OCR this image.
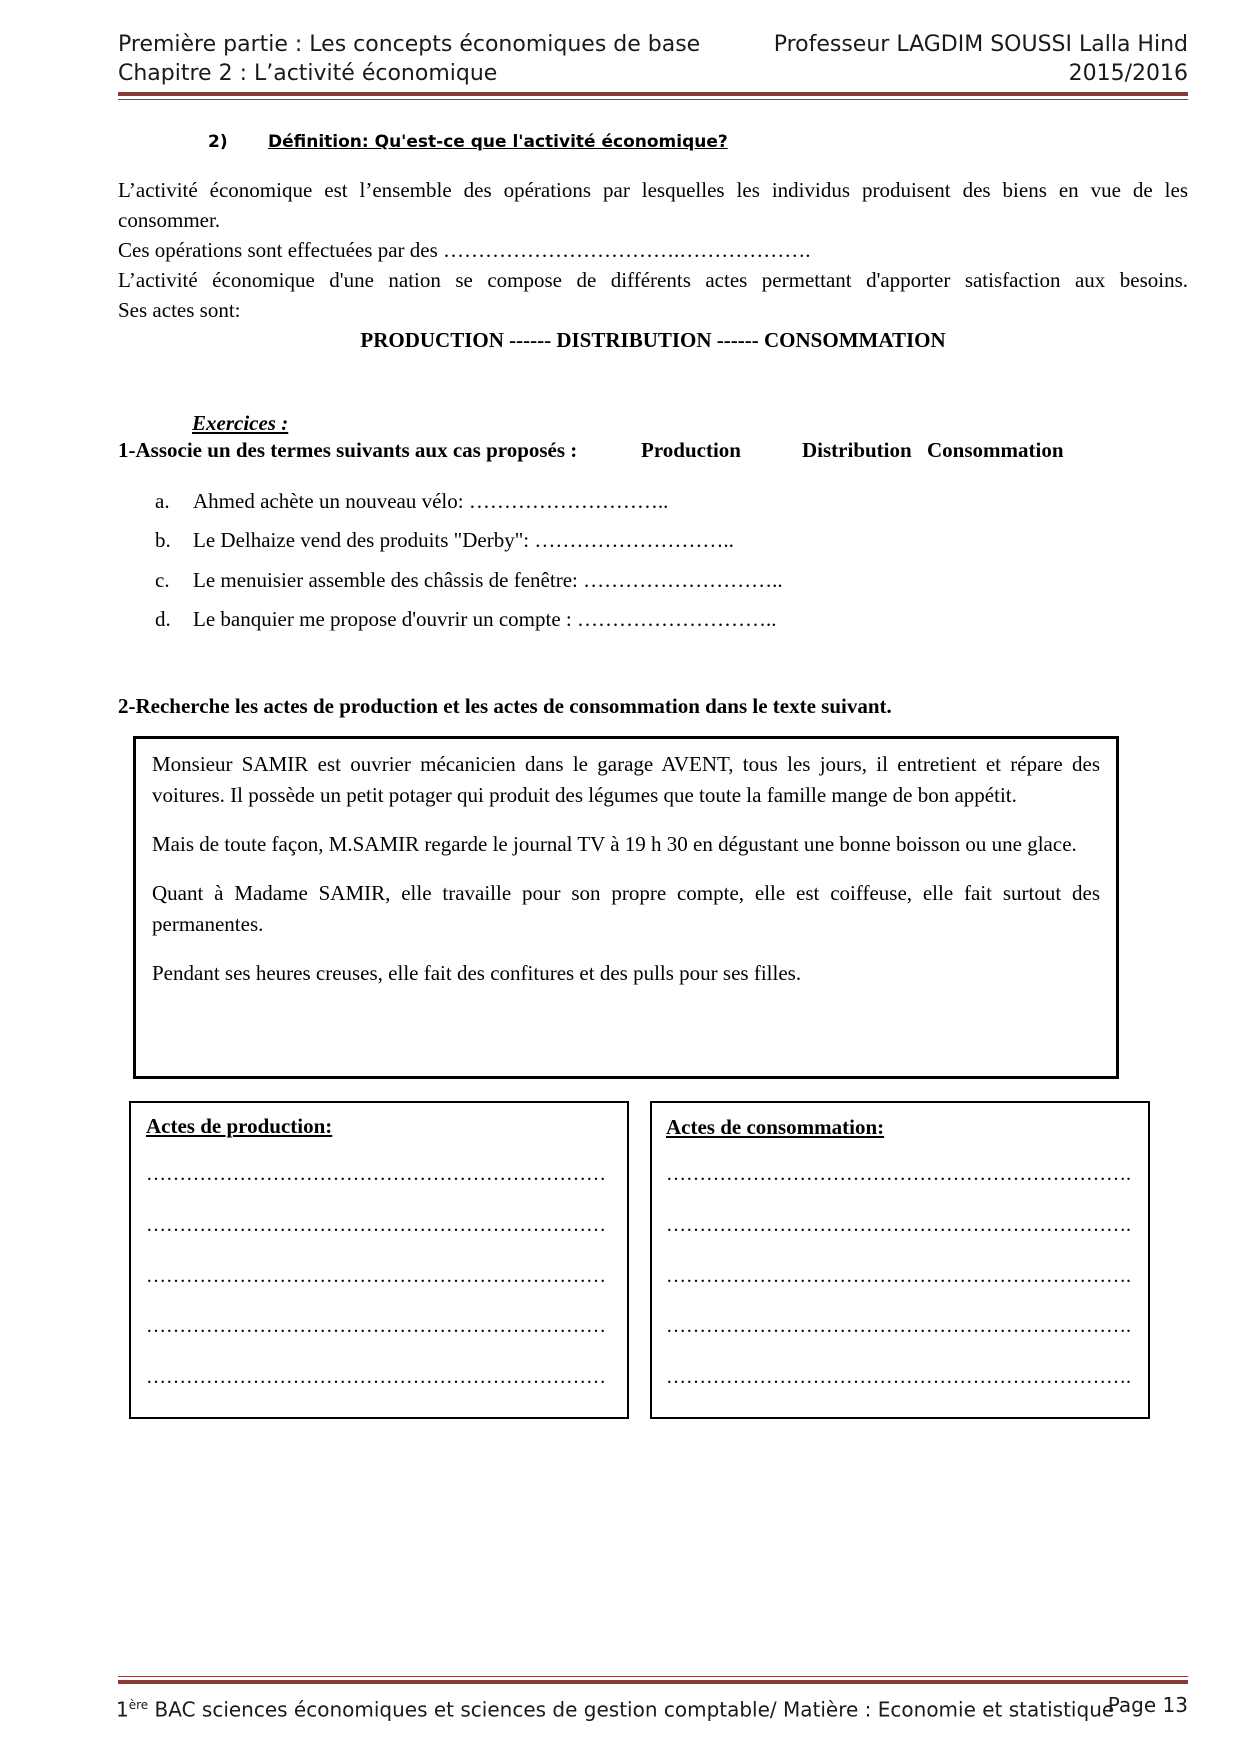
Première partie : Les concepts économiques de base
Chapitre 2 : L’activité économique
Professeur LAGDIM SOUSSI Lalla Hind
2015/2016
2) Définition: Qu'est-ce que l'activité économique?
L’activité économique est l’ensemble des opérations par lesquelles les individus produisent des biens en vue de les
consommer.
Ces opérations sont effectuées par des …………………………….……………….
L’activité économique d'une nation se compose de différents actes permettant d'apporter satisfaction aux besoins.
Ses actes sont:
PRODUCTION ------ DISTRIBUTION ------ CONSOMMATION
Exercices :
1-Associe un des termes suivants aux cas proposés :	Production	Distribution Consommation
a. Ahmed achète un nouveau vélo: ………………………..
b. Le Delhaize vend des produits "Derby": ………………………..
c. Le menuisier assemble des châssis de fenêtre: ………………………..
d. Le banquier me propose d'ouvrir un compte : ………………………..
2-Recherche les actes de production et les actes de consommation dans le texte suivant.

Monsieur SAMIR est ouvrier mécanicien dans le garage AVENT, tous les jours, il entretient et répare des voitures. Il possède un petit potager qui produit des légumes que toute la famille mange de bon appétit.

Mais de toute façon, M.SAMIR regarde le journal TV à 19 h 30 en dégustant une bonne boisson ou une glace.

Quant à Madame SAMIR, elle travaille pour son propre compte, elle est coiffeuse, elle fait surtout des permanentes.

Pendant ses heures creuses, elle fait des confitures et des pulls pour ses filles.

Actes de production:
……………………………………………………………
……………………………………………………………
……………………………………………………………
……………………………………………………………
……………………………………………………………
Actes de consommation:
…………………………………………………………….
…………………………………………………………….
…………………………………………………………….
…………………………………………………………….
…………………………………………………………….
1ère BAC sciences économiques et sciences de gestion comptable/ Matière : Economie et statistique
Page 13
